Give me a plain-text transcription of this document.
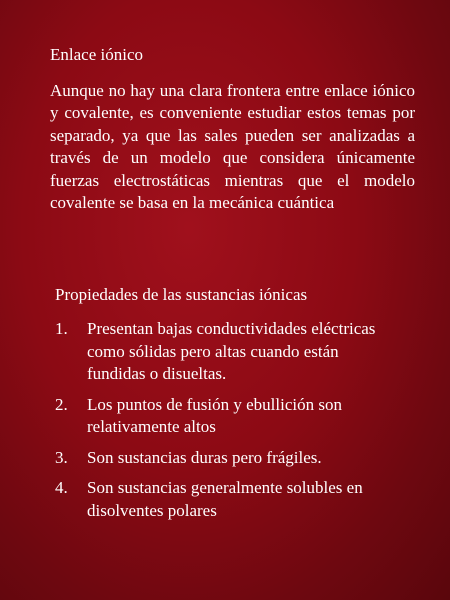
Enlace iónico
Aunque no hay una clara frontera entre enlace iónico y covalente, es conveniente estudiar estos temas por separado, ya que las sales pueden ser analizadas a través de un modelo que considera únicamente fuerzas electrostáticas mientras que el modelo covalente se basa en la mecánica cuántica
Propiedades de las sustancias iónicas
1.	Presentan bajas conductividades eléctricas como sólidas pero altas cuando están fundidas o disueltas.
2.	Los puntos de fusión y ebullición son relativamente altos
3.	Son sustancias duras pero frágiles.
4.	Son sustancias generalmente solubles en disolventes polares
